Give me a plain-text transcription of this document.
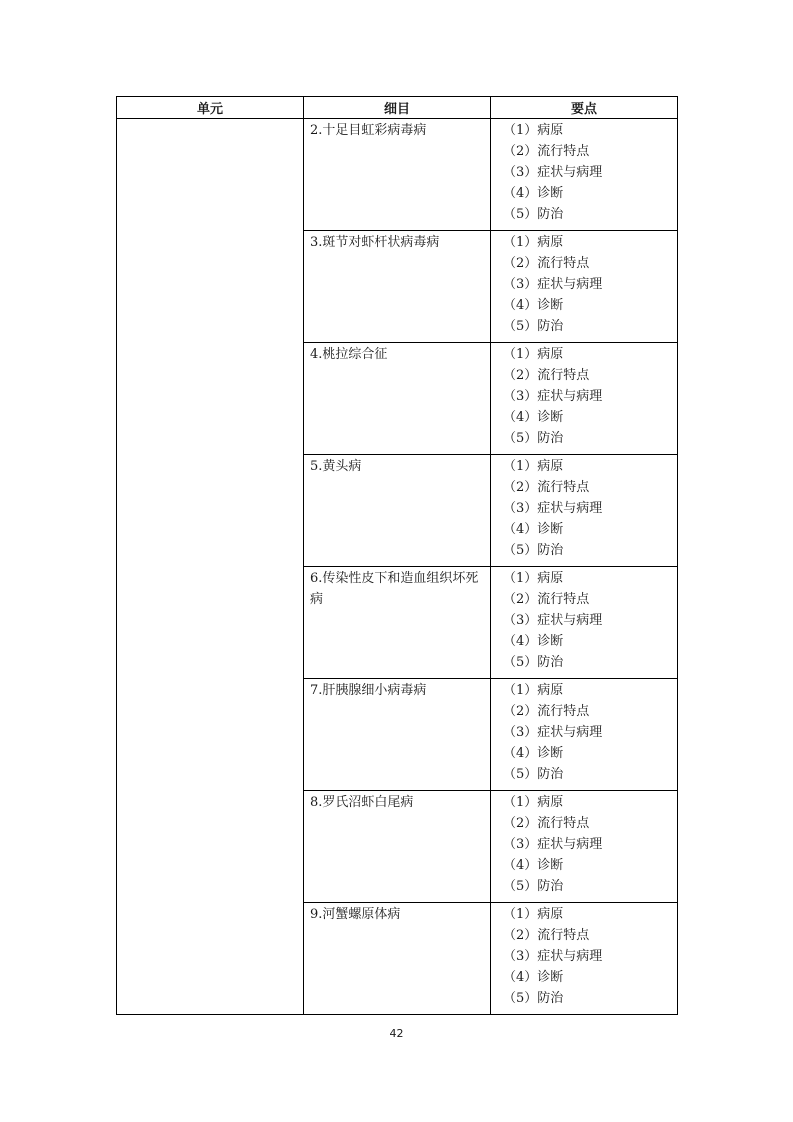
单元	细目	要点

	2.十足目虹彩病毒病	（1）病原
（2）流行特点
（3）症状与病理
（4）诊断
（5）防治

	3.斑节对虾杆状病毒病	（1）病原
（2）流行特点
（3）症状与病理
（4）诊断
（5）防治

	4.桃拉综合征	（1）病原
（2）流行特点
（3）症状与病理
（4）诊断
（5）防治

	5.黄头病	（1）病原
（2）流行特点
（3）症状与病理
（4）诊断
（5）防治

	6.传染性皮下和造血组织坏死病	（1）病原
（2）流行特点
（3）症状与病理
（4）诊断
（5）防治

	7.肝胰腺细小病毒病	（1）病原
（2）流行特点
（3）症状与病理
（4）诊断
（5）防治

	8.罗氏沼虾白尾病	（1）病原
（2）流行特点
（3）症状与病理
（4）诊断
（5）防治

	9.河蟹螺原体病	（1）病原
（2）流行特点
（3）症状与病理
（4）诊断
（5）防治
42
